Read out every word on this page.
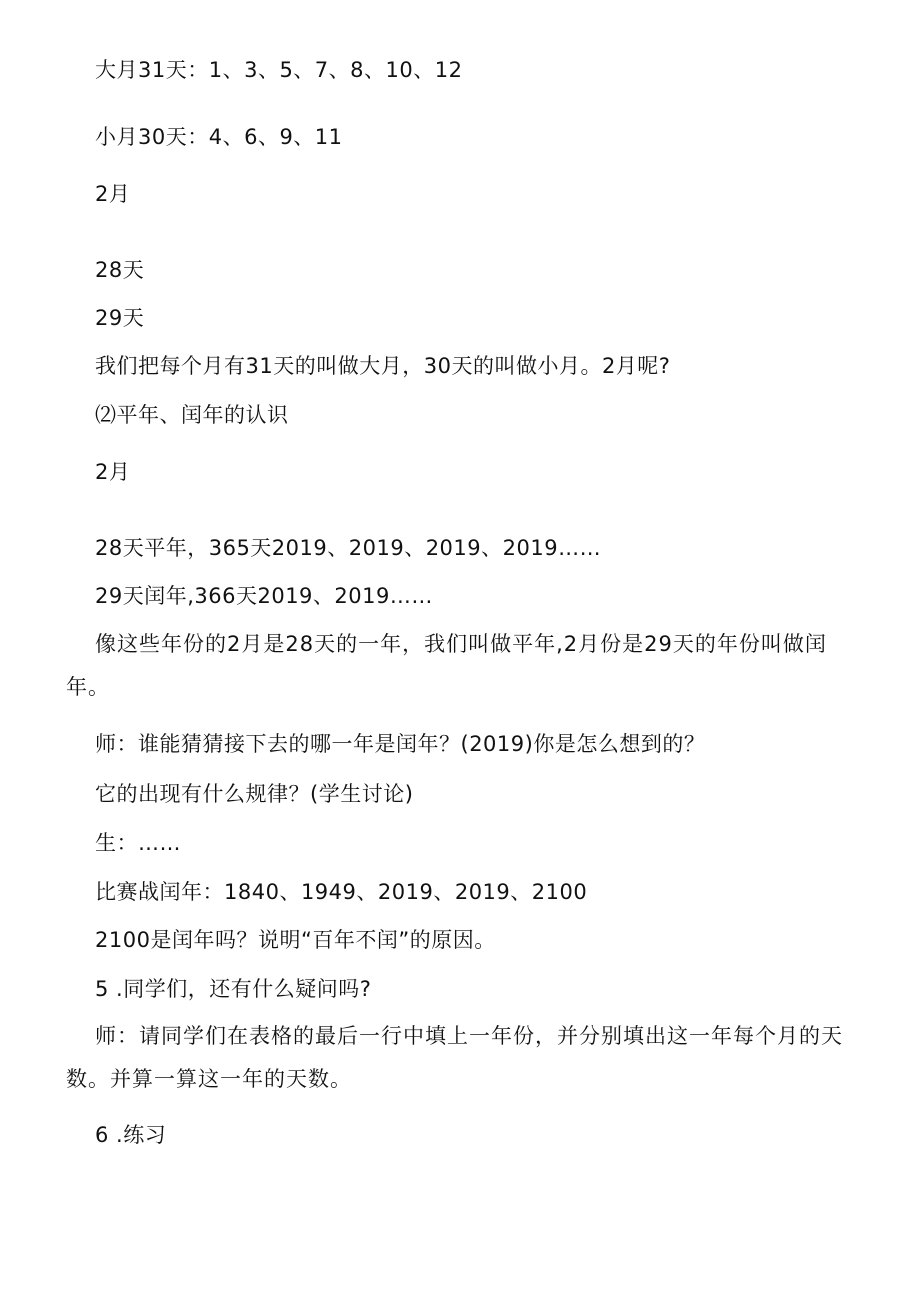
大月31天：1、3、5、7、8、10、12
小月30天：4、6、9、11
2月
28天
29天
我们把每个月有31天的叫做大月，30天的叫做小月。2月呢?
⑵平年、闰年的认识
2月
28天平年，365天2019、2019、2019、2019……
29天闰年,366天2019、2019……
像这些年份的2月是28天的一年，我们叫做平年,2月份是29天的年份叫做闰年。
师：谁能猜猜接下去的哪一年是闰年？(2019)你是怎么想到的？
它的出现有什么规律？(学生讨论)
生：……
比赛战闰年：1840、1949、2019、2019、2100
2100是闰年吗？说明“百年不闰”的原因。
5 .同学们，还有什么疑问吗?
师：请同学们在表格的最后一行中填上一年份，并分别填出这一年每个月的天数。并算一算这一年的天数。
6 .练习
